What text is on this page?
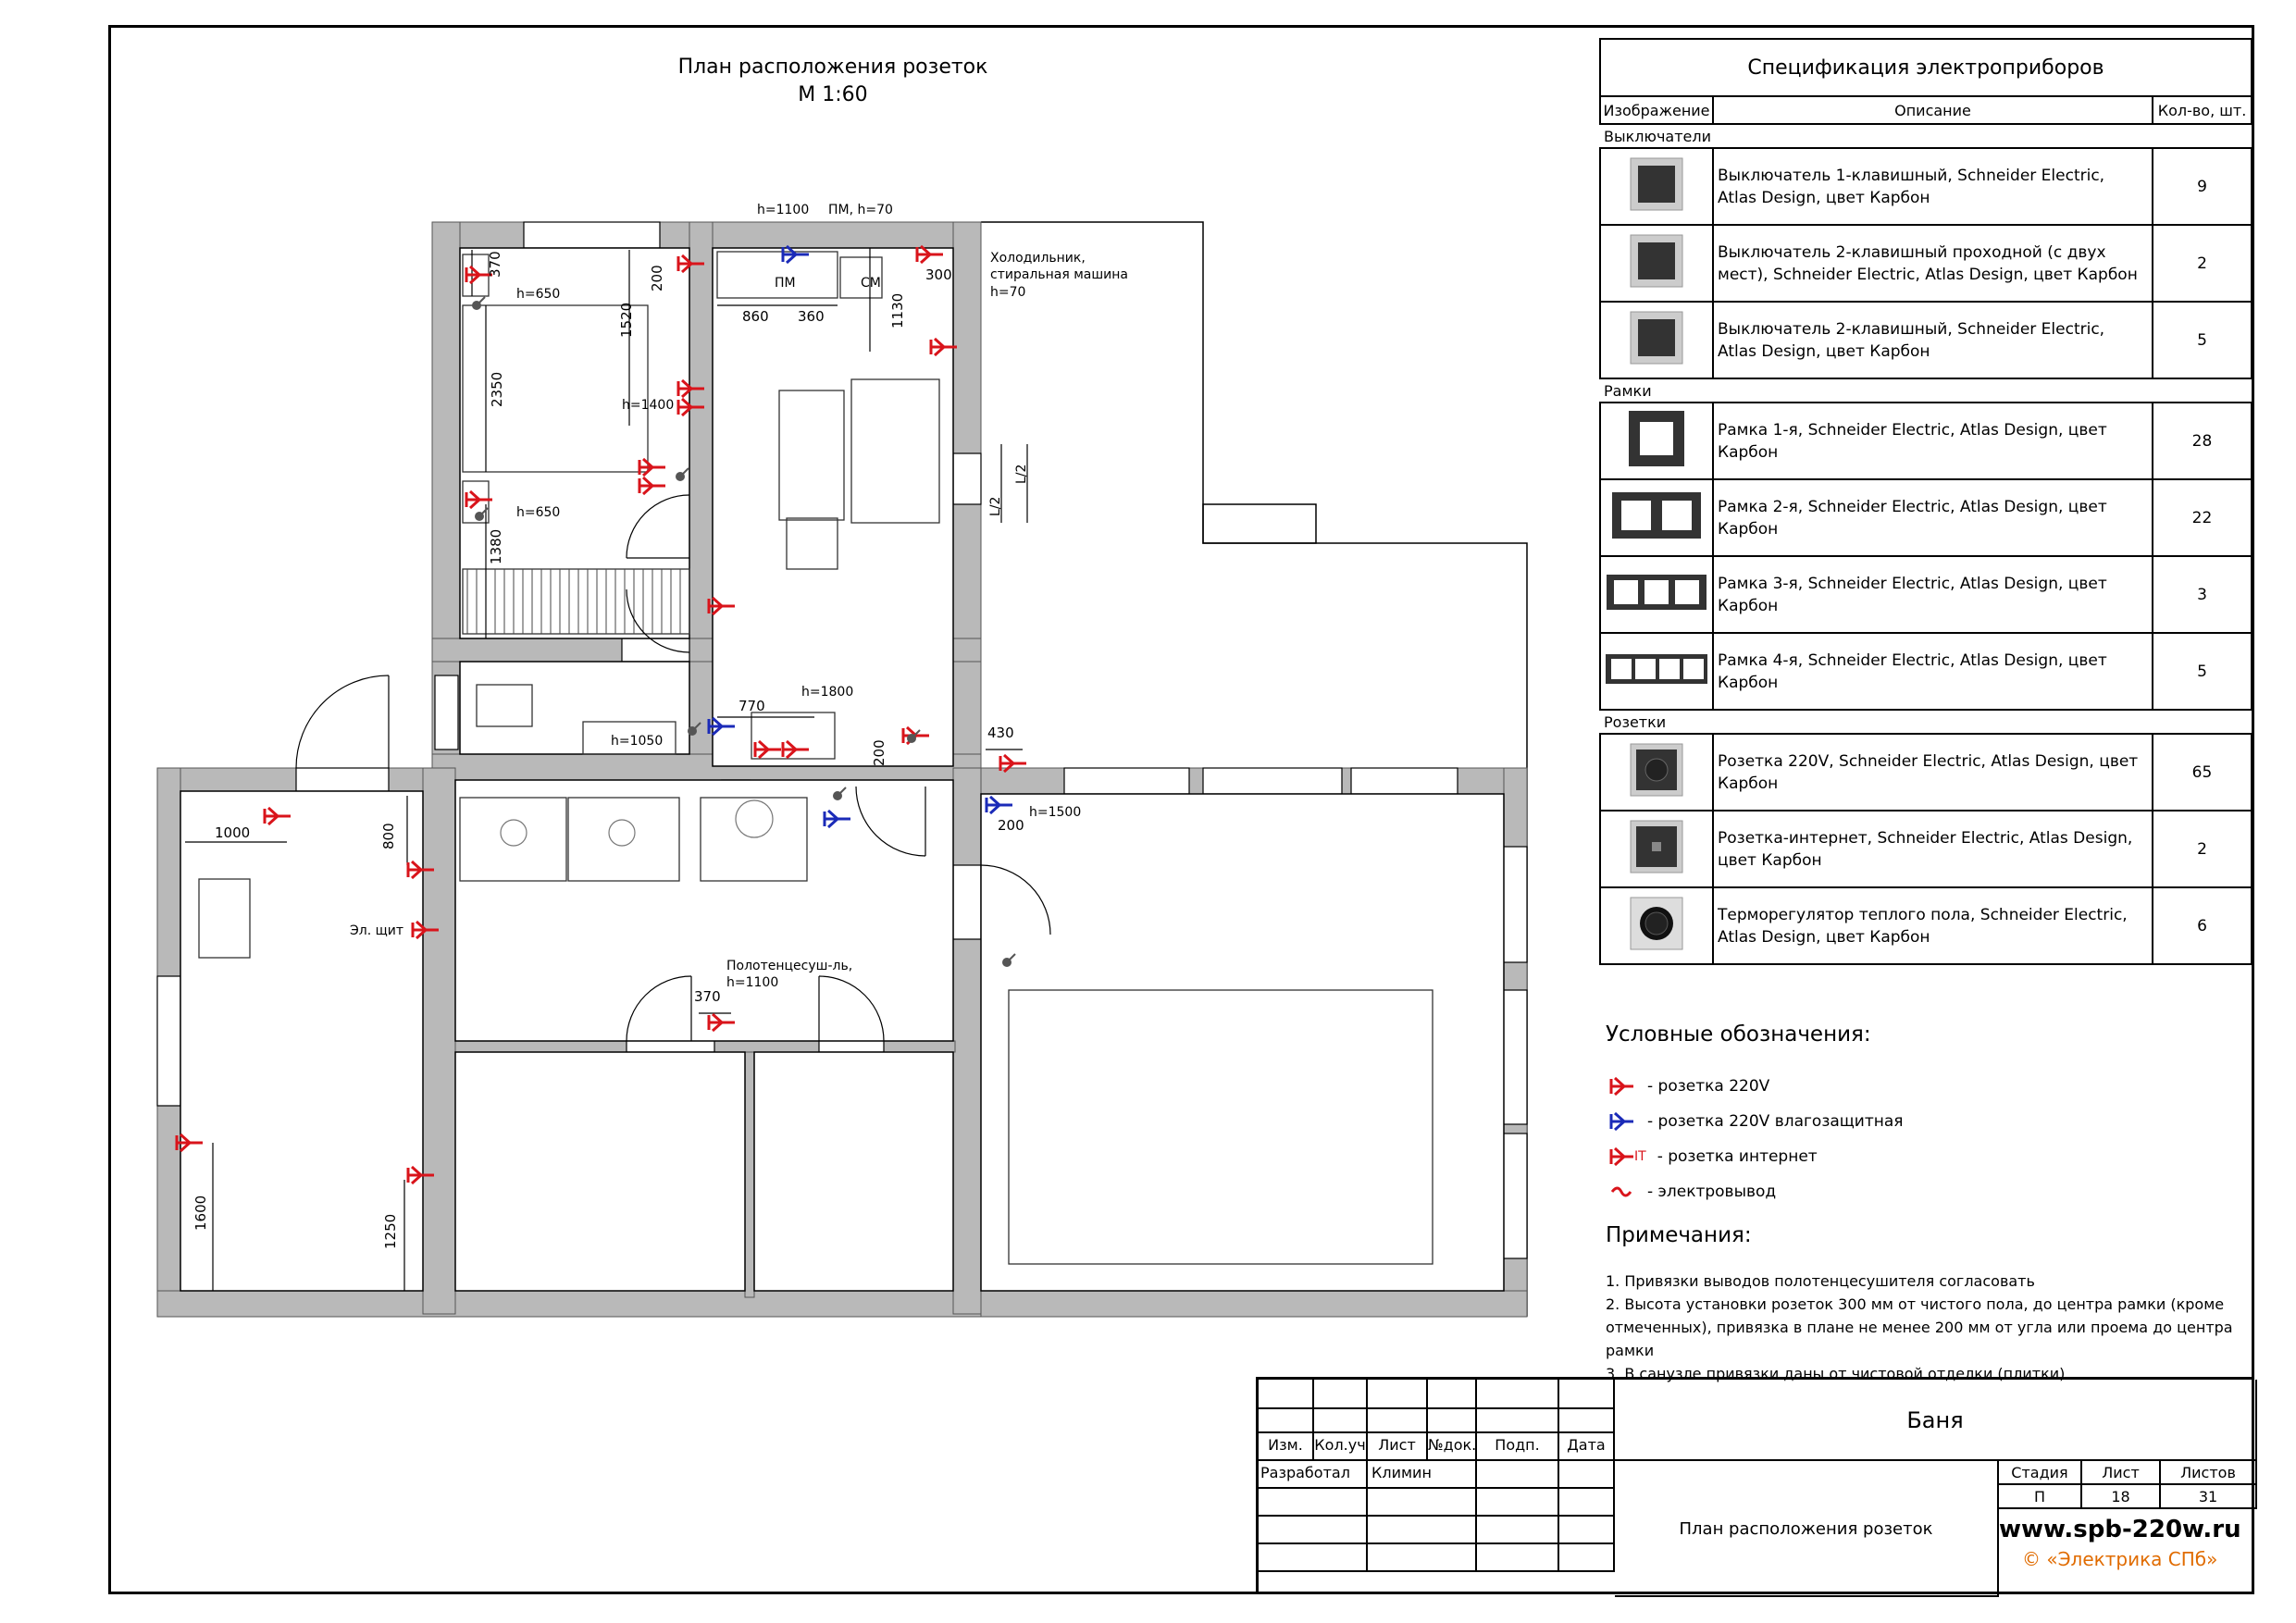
План расположения розеток
М 1:60
h=1100 ПМ, h=70
Холодильник,
стиральная машина
h=70
ПМ	СМ
h=650
h=650
h=1400
h=1800
h=1050
h=1500
Эл. щит
Полотенцесуш-ль,
h=1100
L/2
L/2
370
200
1520
2350
1380
860 360	1130
300
770
430
200
200
1000	800
1600
1250
370
Спецификация электроприборов		
Изображение	Описание	Кол-во, шт.
Выключатели		
	Выключатель 1-клавишный, Schneider Electric, Atlas Design, цвет Карбон	9
	Выключатель 2-клавишный проходной (с двух мест), Schneider Electric, Atlas Design, цвет Карбон	2
	Выключатель 2-клавишный, Schneider Electric, Atlas Design, цвет Карбон	5
Рамки		
	Рамка 1-я, Schneider Electric, Atlas Design, цвет Карбон	28
	Рамка 2-я, Schneider Electric, Atlas Design, цвет Карбон	22
	Рамка 3-я, Schneider Electric, Atlas Design, цвет Карбон	3
	Рамка 4-я, Schneider Electric, Atlas Design, цвет Карбон	5
Розетки		
	Розетка 220V, Schneider Electric, Atlas Design, цвет Карбон	65
	Розетка-интернет, Schneider Electric, Atlas Design, цвет Карбон	2
	Терморегулятор теплого пола, Schneider Electric, Atlas Design, цвет Карбон	6
Условные обозначения:
- розетка 220V
- розетка 220V влагозащитная
IT - розетка интернет
- электровывод
Примечания:
1. Привязки выводов полотенцесушителя согласовать
2. Высота установки розеток 300 мм от чистого пола, до центра рамки (кроме отмеченных), привязка в плане не менее 200 мм от угла или проема до центра рамки
3. В санузле привязки даны от чистовой отделки (плитки)
Изм. Кол.уч Лист №док.	Подп.	Дата
Разработал	Климин
Баня
План расположения розеток
Стадия	Лист	Листов
П	18	31
www.spb-220w.ru
© «Электрика СПб»
